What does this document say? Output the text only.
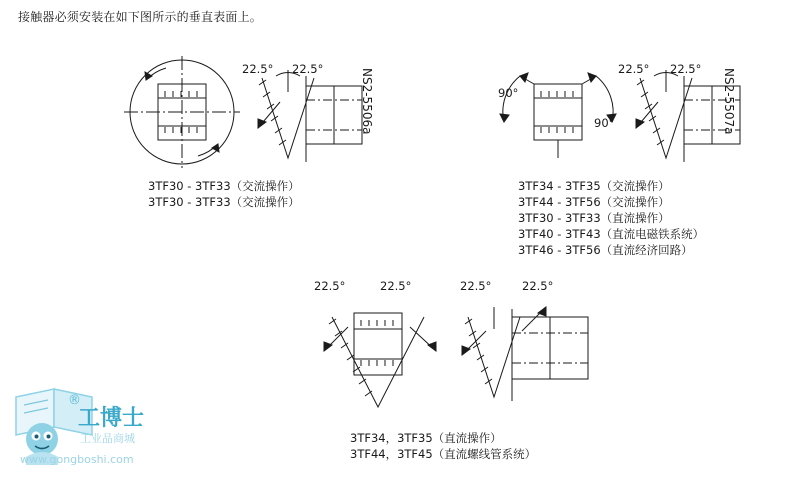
接触器必须安装在如下图所示的垂直表面上。
22.5° 22.5°	NS2-5506a
3TF30 - 3TF33（交流操作）
3TF30 - 3TF33（交流操作）
90°
90°
22.5° 22.5° NS2-5507a
3TF34 - 3TF35（交流操作）
3TF44 - 3TF56（交流操作）
3TF30 - 3TF33（直流操作）
3TF40 - 3TF43（直流电磁铁系统）
3TF46 - 3TF56（直流经济回路）
22.5°	22.5°	22.5°	22.5°
3TF34，3TF35（直流操作）
3TF44，3TF45（直流螺线管系统）
工博士
®
工业品商城
www.gongboshi.com
